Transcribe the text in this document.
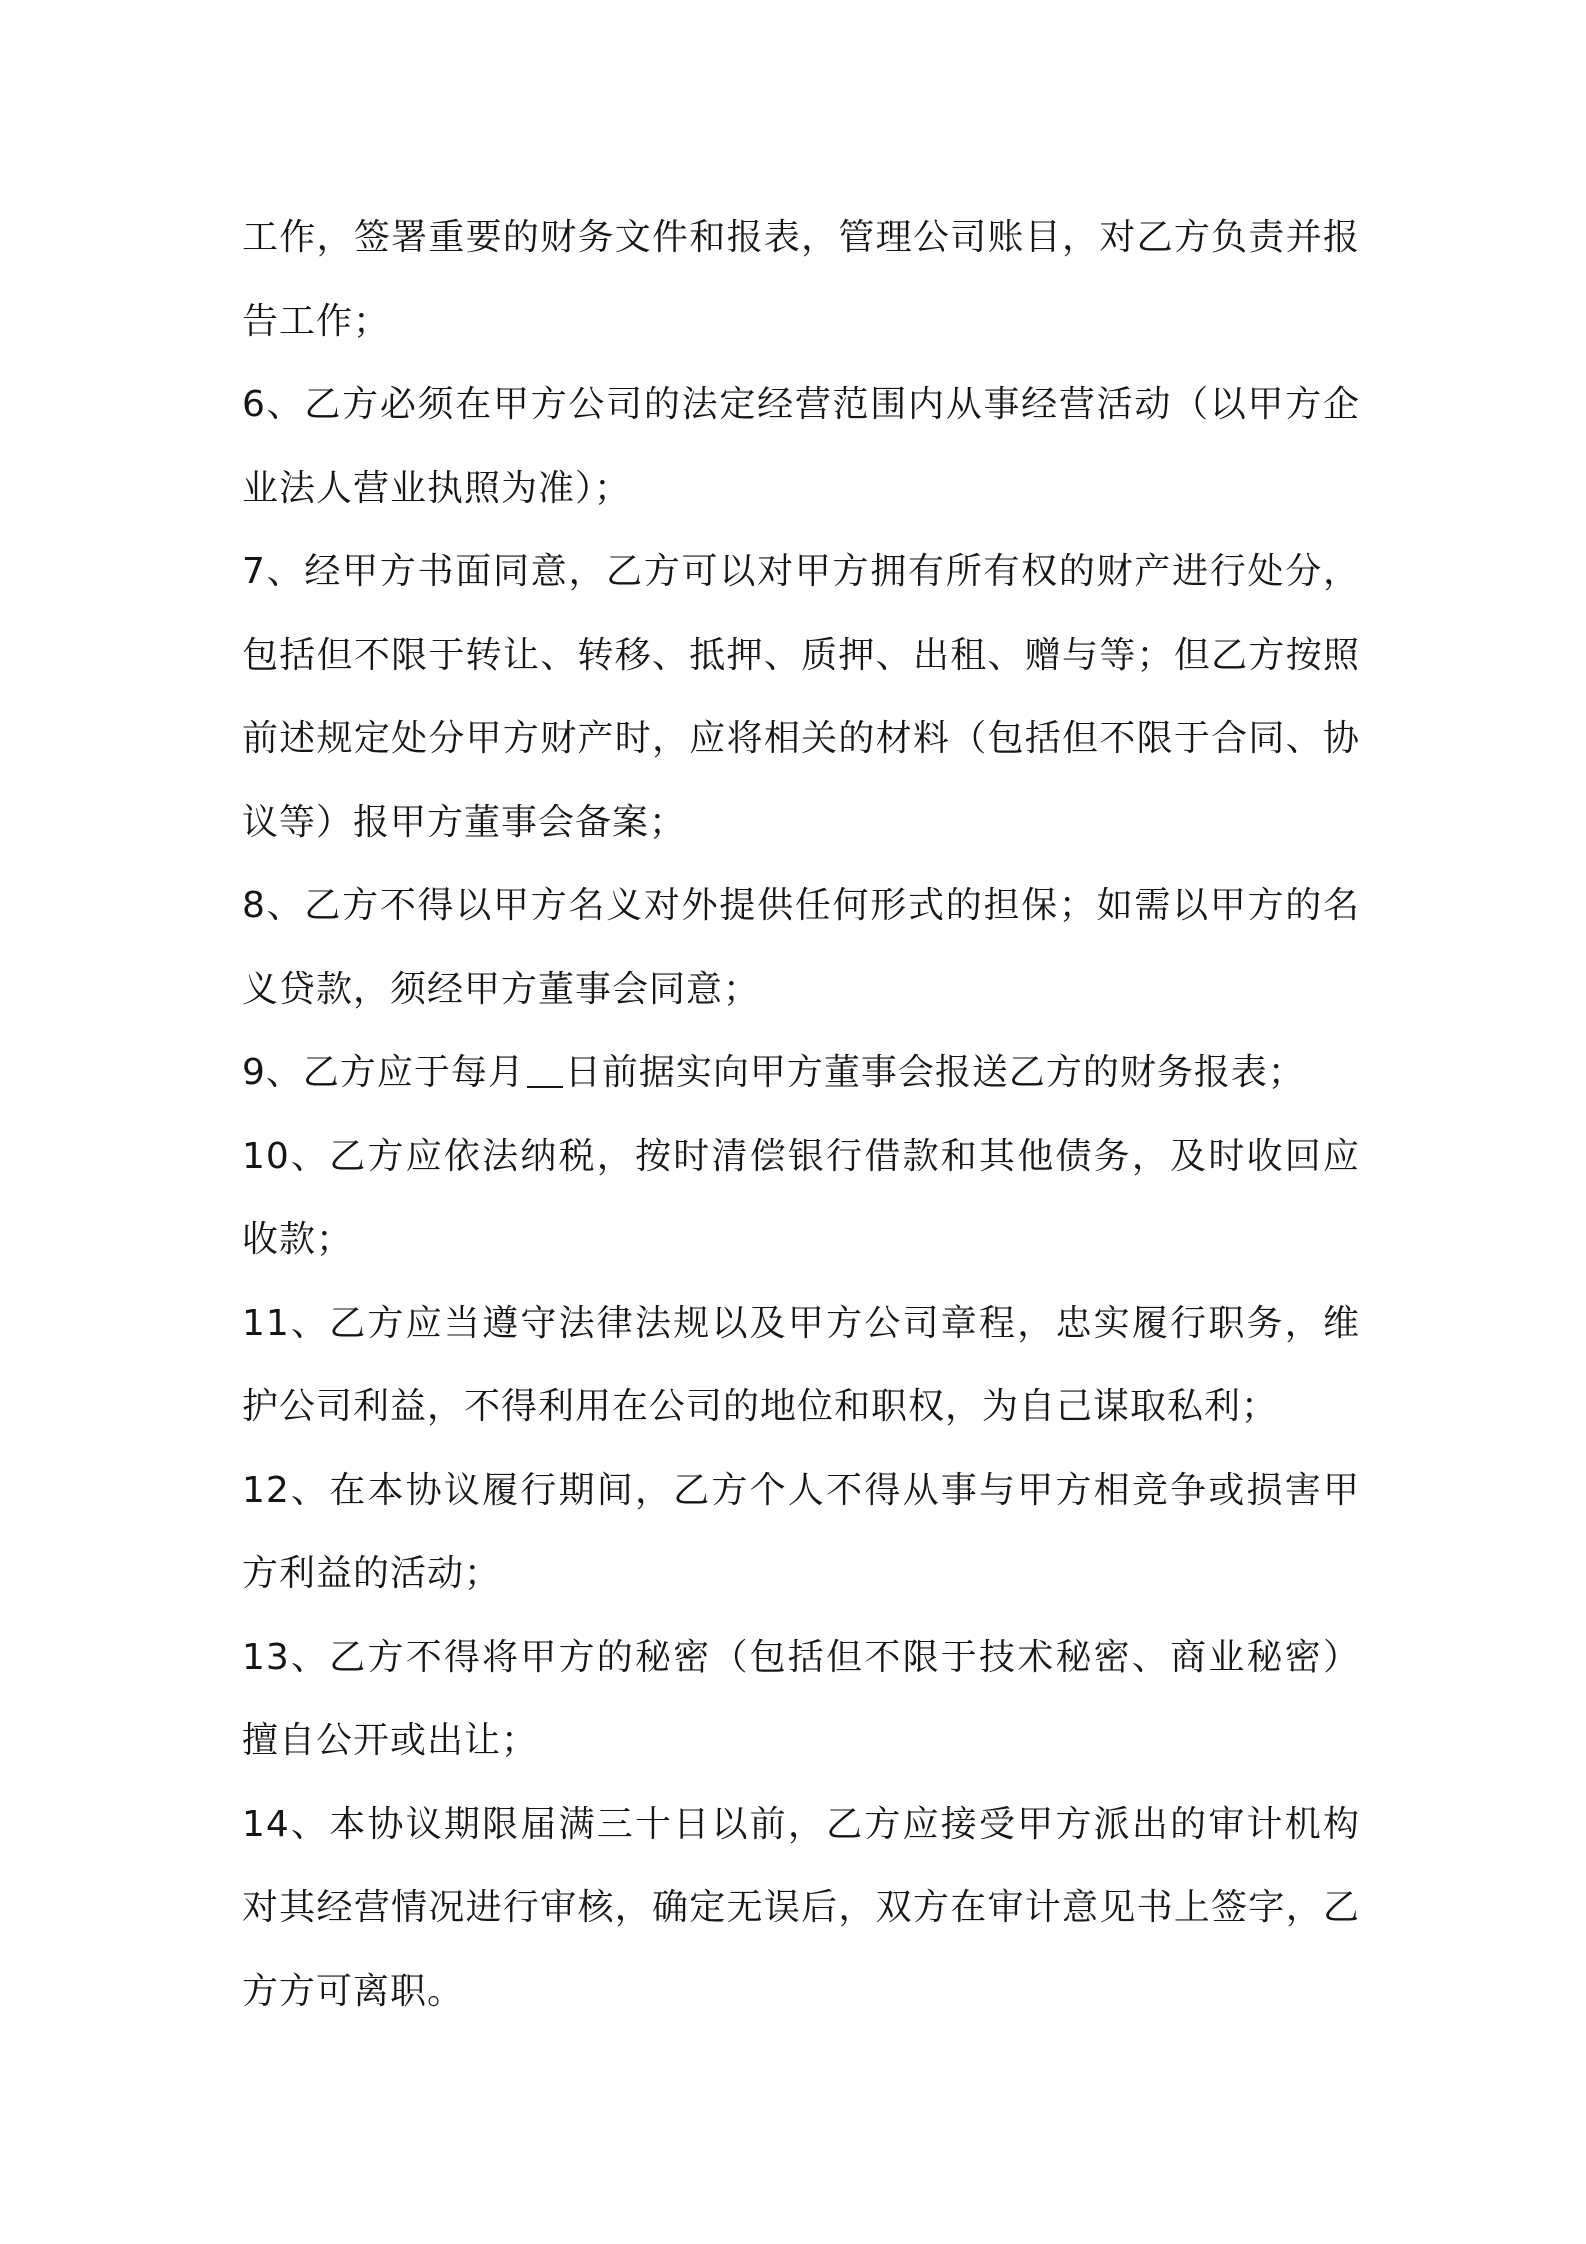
工作，签署重要的财务文件和报表，管理公司账目，对乙方负责并报告工作；

6、乙方必须在甲方公司的法定经营范围内从事经营活动（以甲方企业法人营业执照为准）；

7、经甲方书面同意，乙方可以对甲方拥有所有权的财产进行处分，包括但不限于转让、转移、抵押、质押、出租、赠与等；但乙方按照前述规定处分甲方财产时，应将相关的材料（包括但不限于合同、协议等）报甲方董事会备案；

8、乙方不得以甲方名义对外提供任何形式的担保；如需以甲方的名义贷款，须经甲方董事会同意；

9、乙方应于每月 日前据实向甲方董事会报送乙方的财务报表；

10、乙方应依法纳税，按时清偿银行借款和其他债务，及时收回应收款；

11、乙方应当遵守法律法规以及甲方公司章程，忠实履行职务，维护公司利益，不得利用在公司的地位和职权，为自己谋取私利；

12、在本协议履行期间，乙方个人不得从事与甲方相竞争或损害甲方利益的活动；

13、乙方不得将甲方的秘密（包括但不限于技术秘密、商业秘密）擅自公开或出让；

14、本协议期限届满三十日以前，乙方应接受甲方派出的审计机构对其经营情况进行审核，确定无误后，双方在审计意见书上签字，乙方方可离职。
